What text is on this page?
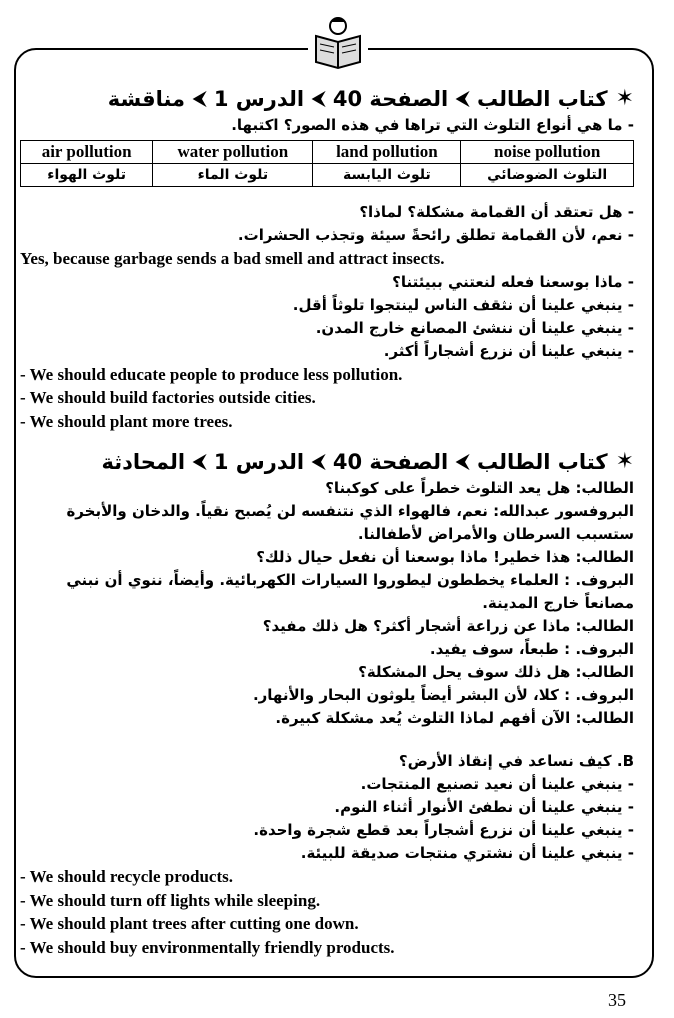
✶
كتاب الطالب
⮜
الصفحة 40
⮜
الدرس 1
⮜
مناقشة

- ما هي أنواع التلوث التي تراها في هذه الصور؟ اكتبها.

air pollution	water pollution	land pollution	noise pollution
تلوث الهواء	تلوث الماء	تلوث اليابسة	التلوث الضوضائي

- هل تعتقد أن القمامة مشكلة؟ لماذا؟

- نعم، لأن القمامة تطلق رائحةً سيئة وتجذب الحشرات.

Yes, because garbage sends a bad smell and attract insects.

- ماذا بوسعنا فعله لنعتني ببيئتنا؟

- ينبغي علينا أن نثقف الناس لينتجوا تلوثاً أقل.

- ينبغي علينا أن ننشئ المصانع خارج المدن.

- ينبغي علينا أن نزرع أشجاراً أكثر.

- We should educate people to produce less pollution.

- We should build factories outside cities.

- We should plant more trees.

✶
كتاب الطالب
⮜
الصفحة 40
⮜
الدرس 1
⮜
المحادثة

الطالب: هل يعد التلوث خطراً على كوكبنا؟

البروفسور عبدالله: نعم، فالهواء الذي نتنفسه لن يُصبح نقياً. والدخان والأبخرة ستسبب السرطان والأمراض لأطفالنا.

الطالب: هذا خطير! ماذا بوسعنا أن نفعل حيال ذلك؟

البروف. : العلماء يخططون ليطوروا السيارات الكهربائية. وأيضاً، ننوي أن نبني مصانعاً خارج المدينة.

الطالب: ماذا عن زراعة أشجار أكثر؟ هل ذلك مفيد؟

البروف. : طبعاً، سوف يفيد.

الطالب: هل ذلك سوف يحل المشكلة؟

البروف. : كلا، لأن البشر أيضاً يلوثون البحار والأنهار.

الطالب: الآن أفهم لماذا التلوث يُعد مشكلة كبيرة.

B. كيف نساعد في إنقاذ الأرض؟

- ينبغي علينا أن نعيد تصنيع المنتجات.

- ينبغي علينا أن نطفئ الأنوار أثناء النوم.

- ينبغي علينا أن نزرع أشجاراً بعد قطع شجرة واحدة.

- ينبغي علينا أن نشتري منتجات صديقة للبيئة.

- We should recycle products.

- We should turn off lights while sleeping.

- We should plant trees after cutting one down.

- We should buy environmentally friendly products.

35
